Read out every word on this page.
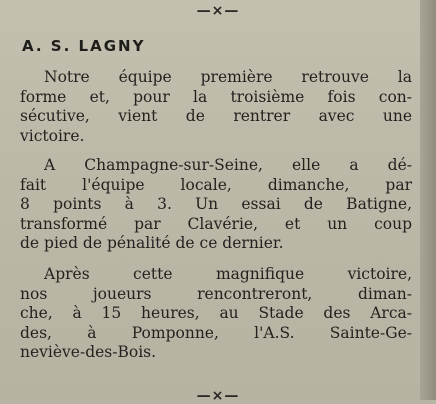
—×—
A. S. LAGNY
Notre équipe première retrouve la
forme et, pour la troisième fois con-
sécutive, vient de rentrer avec une
victoire.
A Champagne-sur-Seine, elle a dé-
fait l'équipe locale, dimanche, par
8 points à 3. Un essai de Batigne,
transformé par Clavérie, et un coup
de pied de pénalité de ce dernier.
Après cette magnifique victoire,
nos joueurs rencontreront, diman-
che, à 15 heures, au Stade des Arca-
des, à Pomponne, l'A.S. Sainte-Ge-
neviève-des-Bois.
—×—
